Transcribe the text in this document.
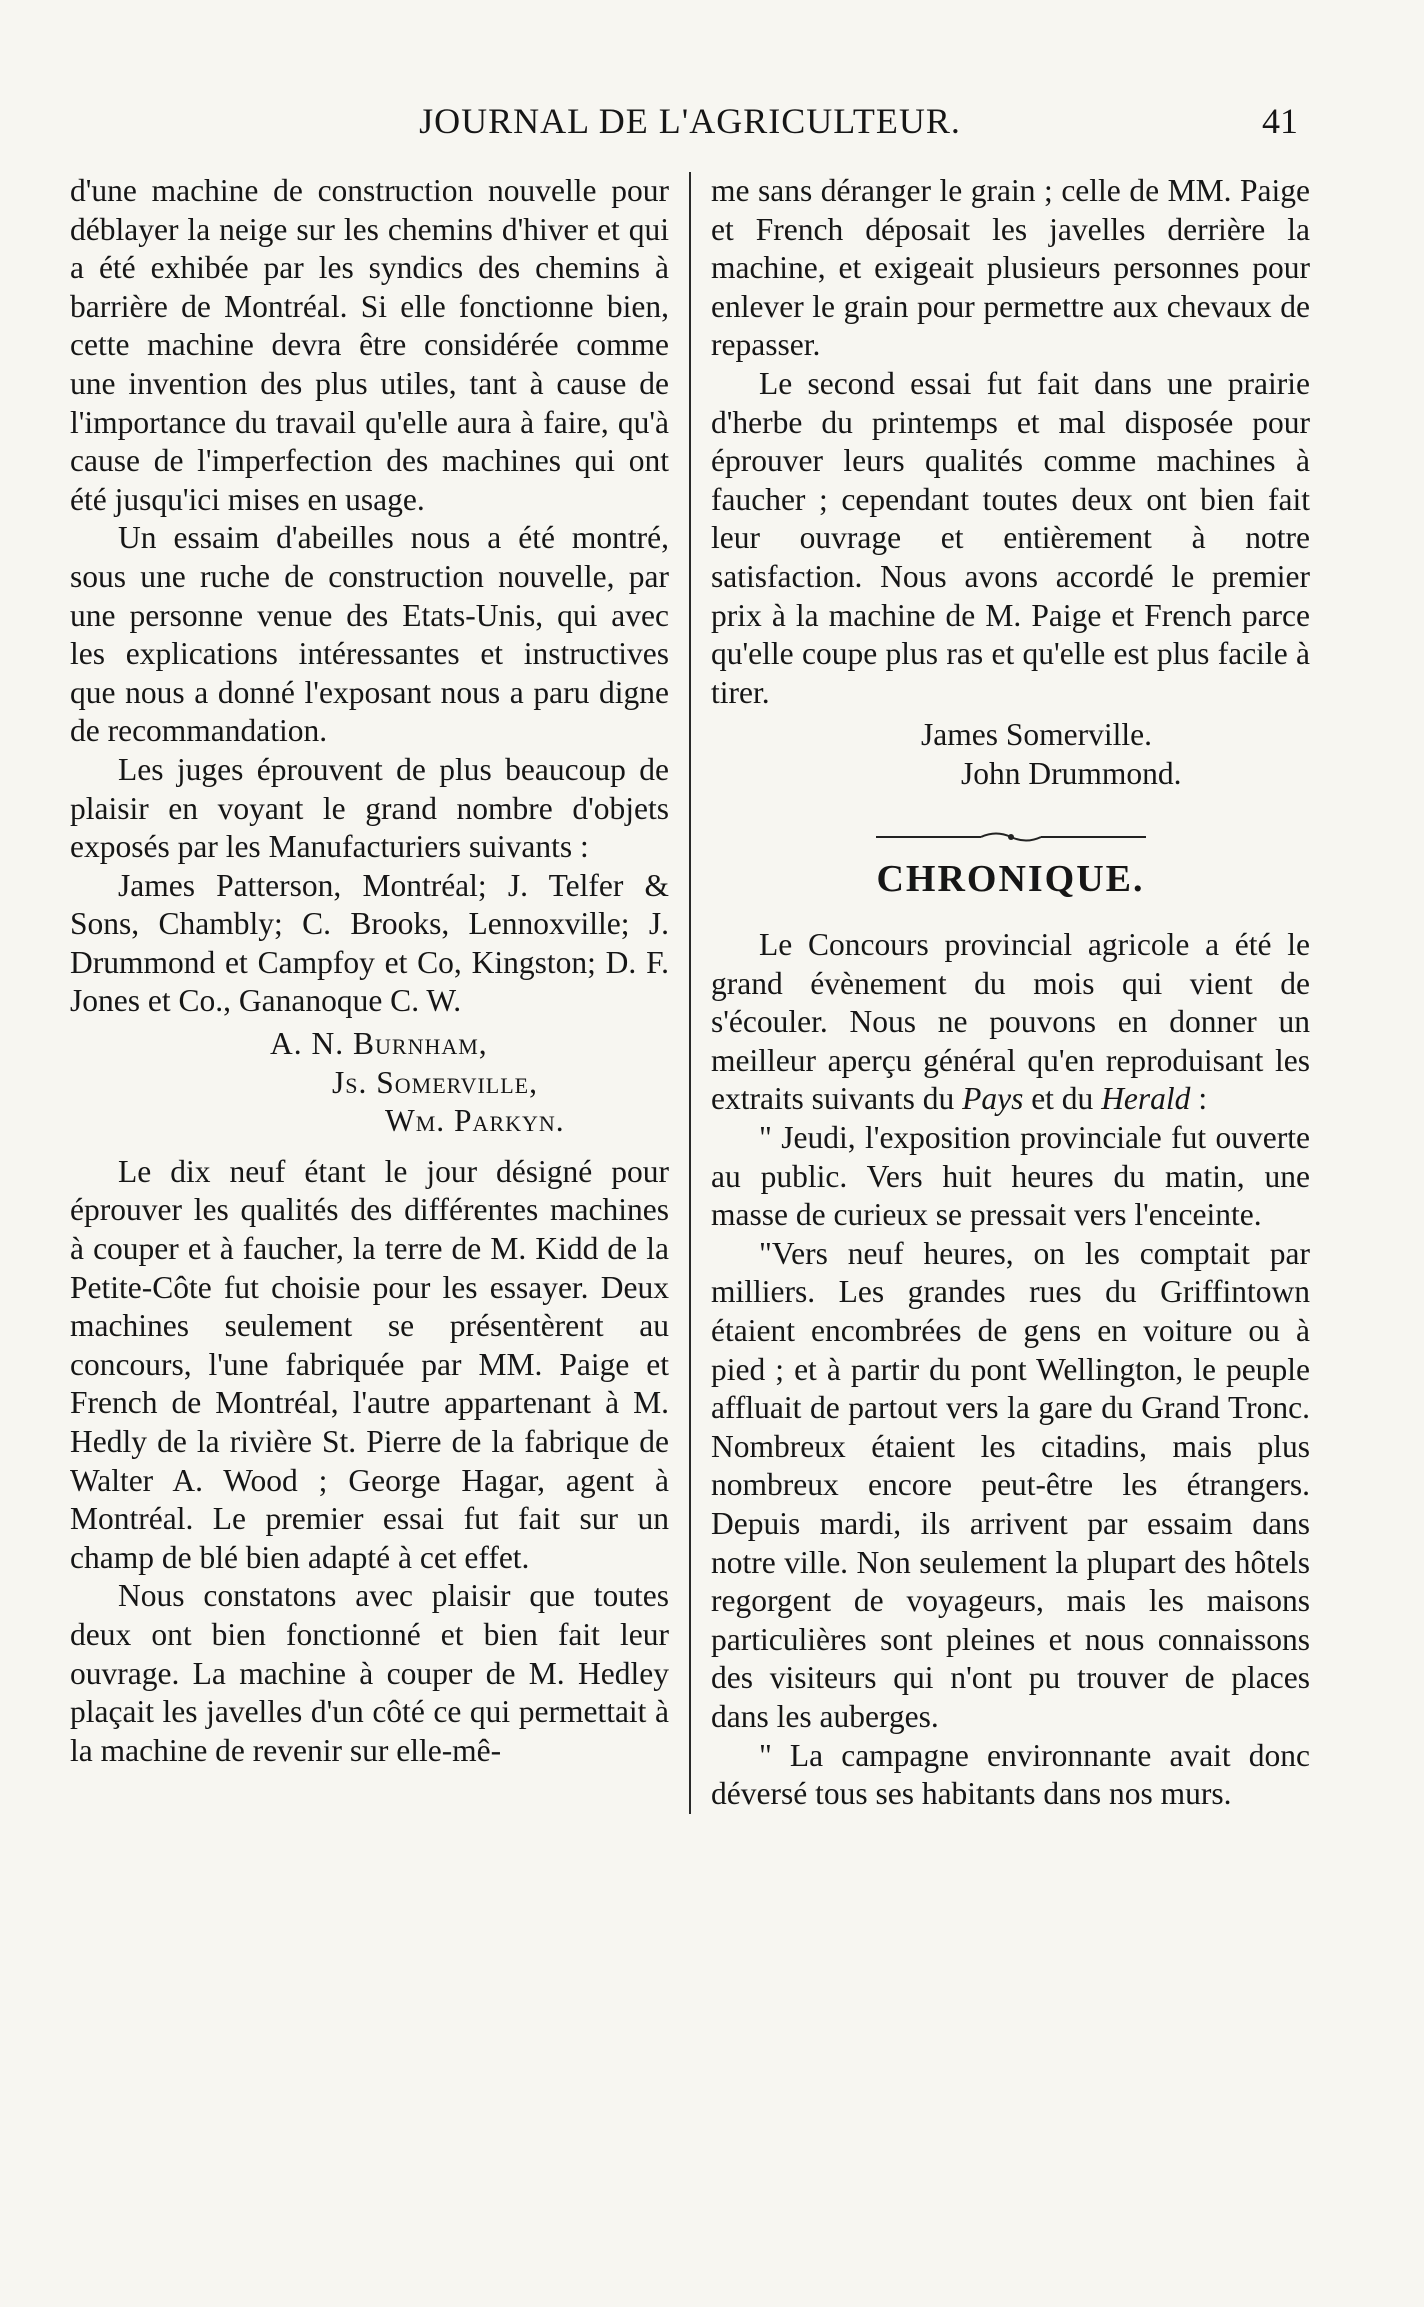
JOURNAL DE L'AGRICULTEUR.	41

d'une machine de construction nouvelle pour déblayer la neige sur les chemins d'hiver et qui a été exhibée par les syndics des chemins à barrière de Montréal. Si elle fonctionne bien, cette machine devra être considérée comme une invention des plus utiles, tant à cause de l'importance du travail qu'elle aura à faire, qu'à cause de l'imperfection des machines qui ont été jusqu'ici mises en usage.

Un essaim d'abeilles nous a été montré, sous une ruche de construction nouvelle, par une personne venue des Etats-Unis, qui avec les explications intéressantes et instructives que nous a donné l'exposant nous a paru digne de recommandation.

Les juges éprouvent de plus beaucoup de plaisir en voyant le grand nombre d'objets exposés par les Manufacturiers suivants :

James Patterson, Montréal; J. Telfer & Sons, Chambly; C. Brooks, Lennoxville; J. Drummond et Campfoy et Co, Kingston; D. F. Jones et Co., Gananoque C. W.

A. N. Burnham,
Js. Somerville,
Wm. Parkyn.

Le dix neuf étant le jour désigné pour éprouver les qualités des différentes machines à couper et à faucher, la terre de M. Kidd de la Petite-Côte fut choisie pour les essayer. Deux machines seulement se présentèrent au concours, l'une fabriquée par MM. Paige et French de Montréal, l'autre appartenant à M. Hedly de la rivière St. Pierre de la fabrique de Walter A. Wood ; George Hagar, agent à Montréal. Le premier essai fut fait sur un champ de blé bien adapté à cet effet.

Nous constatons avec plaisir que toutes deux ont bien fonctionné et bien fait leur ouvrage. La machine à couper de M. Hedley plaçait les javelles d'un côté ce qui permettait à la machine de revenir sur elle-mê-

me sans déranger le grain ; celle de MM. Paige et French déposait les javelles derrière la machine, et exigeait plusieurs personnes pour enlever le grain pour permettre aux chevaux de repasser.

Le second essai fut fait dans une prairie d'herbe du printemps et mal disposée pour éprouver leurs qualités comme machines à faucher ; cependant toutes deux ont bien fait leur ouvrage et entièrement à notre satisfaction. Nous avons accordé le premier prix à la machine de M. Paige et French parce qu'elle coupe plus ras et qu'elle est plus facile à tirer.

James Somerville.
John Drummond.
CHRONIQUE.

Le Concours provincial agricole a été le grand évènement du mois qui vient de s'écouler. Nous ne pouvons en donner un meilleur aperçu général qu'en reproduisant les extraits suivants du Pays et du Herald :

" Jeudi, l'exposition provinciale fut ouverte au public. Vers huit heures du matin, une masse de curieux se pressait vers l'enceinte.

"Vers neuf heures, on les comptait par milliers. Les grandes rues du Griffintown étaient encombrées de gens en voiture ou à pied ; et à partir du pont Wellington, le peuple affluait de partout vers la gare du Grand Tronc. Nombreux étaient les citadins, mais plus nombreux encore peut-être les étrangers. Depuis mardi, ils arrivent par essaim dans notre ville. Non seulement la plupart des hôtels regorgent de voyageurs, mais les maisons particulières sont pleines et nous connaissons des visiteurs qui n'ont pu trouver de places dans les auberges.

" La campagne environnante avait donc déversé tous ses habitants dans nos murs.
